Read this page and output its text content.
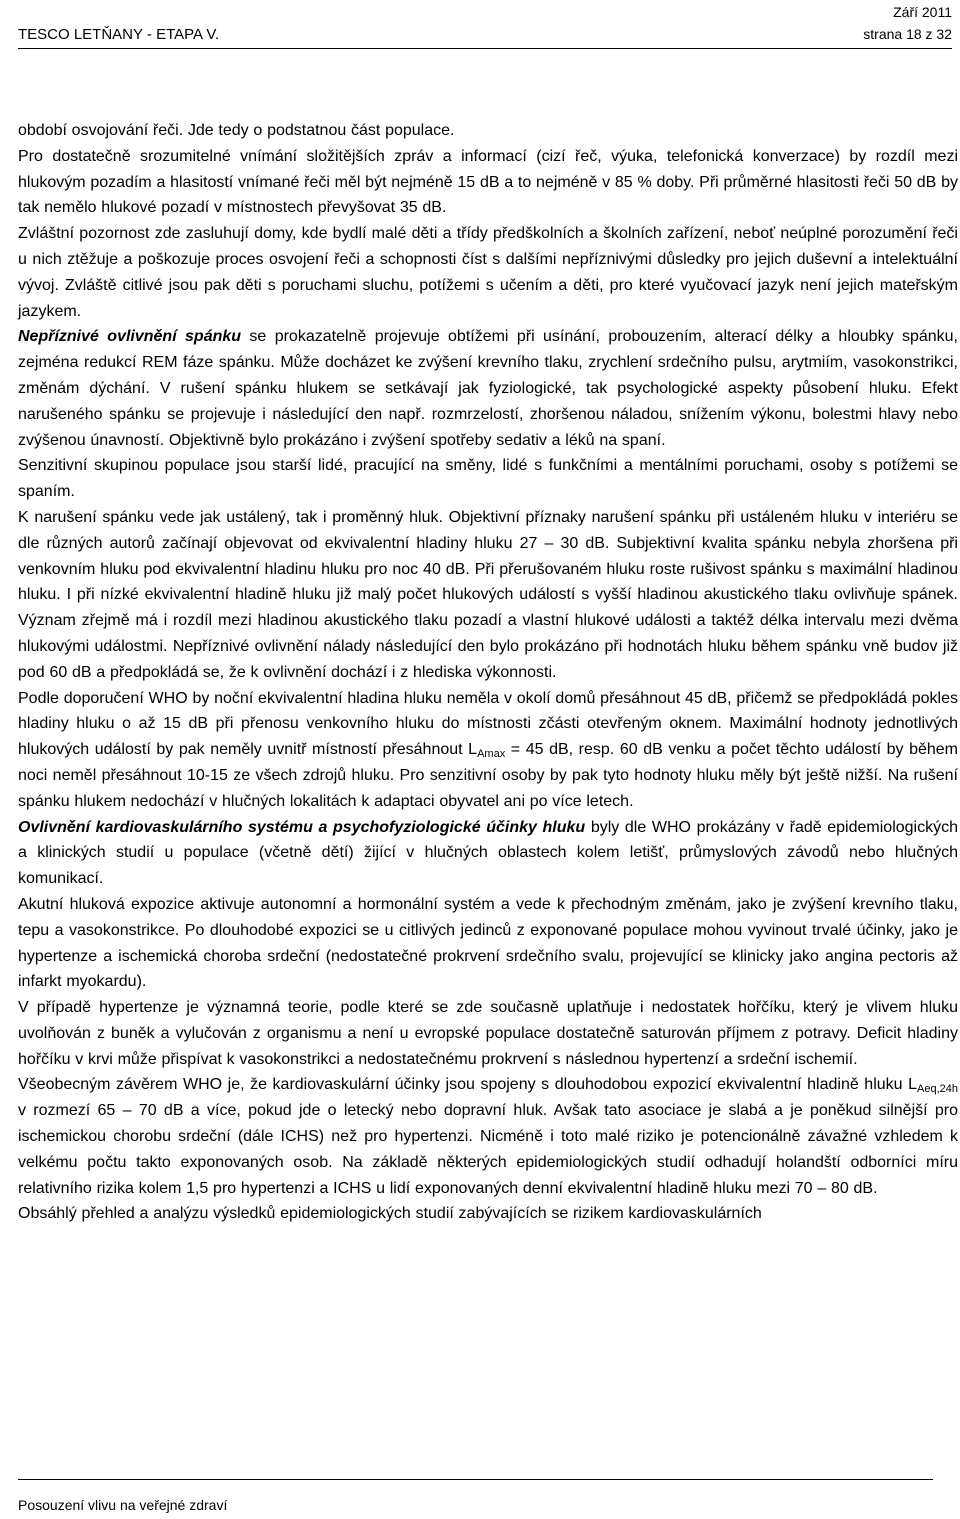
TESCO LETŇANY - ETAPA V.
Září 2011
strana 18 z 32

období osvojování řeči. Jde tedy o podstatnou část populace.

Pro dostatečně srozumitelné vnímání složitějších zpráv a informací (cizí řeč, výuka, telefonická konverzace) by rozdíl mezi hlukovým pozadím a hlasitostí vnímané řeči měl být nejméně 15 dB a to nejméně v 85 % doby. Při průměrné hlasitosti řeči 50 dB by tak nemělo hlukové pozadí v místnostech převyšovat 35 dB.

Zvláštní pozornost zde zasluhují domy, kde bydlí malé děti a třídy předškolních a školních zařízení, neboť neúplné porozumění řeči u nich ztěžuje a poškozuje proces osvojení řeči a schopnosti číst s dalšími nepříznivými důsledky pro jejich duševní a intelektuální vývoj. Zvláště citlivé jsou pak děti s poruchami sluchu, potížemi s učením a děti, pro které vyučovací jazyk není jejich mateřským jazykem.

Nepříznivé ovlivnění spánku se prokazatelně projevuje obtížemi při usínání, probouzením, alterací délky a hloubky spánku, zejména redukcí REM fáze spánku. Může docházet ke zvýšení krevního tlaku, zrychlení srdečního pulsu, arytmiím, vasokonstrikci, změnám dýchání. V rušení spánku hlukem se setkávají jak fyziologické, tak psychologické aspekty působení hluku. Efekt narušeného spánku se projevuje i následující den např. rozmrzelostí, zhoršenou náladou, snížením výkonu, bolestmi hlavy nebo zvýšenou únavností. Objektivně bylo prokázáno i zvýšení spotřeby sedativ a léků na spaní.

Senzitivní skupinou populace jsou starší lidé, pracující na směny, lidé s funkčními a mentálními poruchami, osoby s potížemi se spaním.

K narušení spánku vede jak ustálený, tak i proměnný hluk. Objektivní příznaky narušení spánku při ustáleném hluku v interiéru se dle různých autorů začínají objevovat od ekvivalentní hladiny hluku 27 – 30 dB. Subjektivní kvalita spánku nebyla zhoršena při venkovním hluku pod ekvivalentní hladinu hluku pro noc 40 dB. Při přerušovaném hluku roste rušivost spánku s maximální hladinou hluku. I při nízké ekvivalentní hladině hluku již malý počet hlukových událostí s vyšší hladinou akustického tlaku ovlivňuje spánek. Význam zřejmě má i rozdíl mezi hladinou akustického tlaku pozadí a vlastní hlukové události a taktéž délka intervalu mezi dvěma hlukovými událostmi. Nepříznivé ovlivnění nálady následující den bylo prokázáno při hodnotách hluku během spánku vně budov již pod 60 dB a předpokládá se, že k ovlivnění dochází i z hlediska výkonnosti.

Podle doporučení WHO by noční ekvivalentní hladina hluku neměla v okolí domů přesáhnout 45 dB, přičemž se předpokládá pokles hladiny hluku o až 15 dB při přenosu venkovního hluku do místnosti zčásti otevřeným oknem. Maximální hodnoty jednotlivých hlukových událostí by pak neměly uvnitř místností přesáhnout $L_{Amax} = 45$ dB, resp. 60 dB venku a počet těchto událostí by během noci neměl přesáhnout 10-15 ze všech zdrojů hluku. Pro senzitivní osoby by pak tyto hodnoty hluku měly být ještě nižší. Na rušení spánku hlukem nedochází v hlučných lokalitách k adaptaci obyvatel ani po více letech.

Ovlivnění kardiovaskulárního systému a psychofyziologické účinky hluku byly dle WHO prokázány v řadě epidemiologických a klinických studií u populace (včetně dětí) žijící v hlučných oblastech kolem letišť, průmyslových závodů nebo hlučných komunikací.

Akutní hluková expozice aktivuje autonomní a hormonální systém a vede k přechodným změnám, jako je zvýšení krevního tlaku, tepu a vasokonstrikce. Po dlouhodobé expozici se u citlivých jedinců z exponované populace mohou vyvinout trvalé účinky, jako je hypertenze a ischemická choroba srdeční (nedostatečné prokrvení srdečního svalu, projevující se klinicky jako angina pectoris až infarkt myokardu).

V případě hypertenze je významná teorie, podle které se zde současně uplatňuje i nedostatek hořčíku, který je vlivem hluku uvolňován z buněk a vylučován z organismu a není u evropské populace dostatečně saturován příjmem z potravy. Deficit hladiny hořčíku v krvi může přispívat k vasokonstrikci a nedostatečnému prokrvení s následnou hypertenzí a srdeční ischemií.

Všeobecným závěrem WHO je, že kardiovaskulární účinky jsou spojeny s dlouhodobou expozicí ekvivalentní hladině hluku $L_{Aeq,24h}$ v rozmezí 65 – 70 dB a více, pokud jde o letecký nebo dopravní hluk. Avšak tato asociace je slabá a je poněkud silnější pro ischemickou chorobu srdeční (dále ICHS) než pro hypertenzi. Nicméně i toto malé riziko je potencionálně závažné vzhledem k velkému počtu takto exponovaných osob. Na základě některých epidemiologických studií odhadují holandští odborníci míru relativního rizika kolem 1,5 pro hypertenzi a ICHS u lidí exponovaných denní ekvivalentní hladině hluku mezi 70 – 80 dB.

Obsáhlý přehled a analýzu výsledků epidemiologických studií zabývajících se rizikem kardiovaskulárních

Posouzení vlivu na veřejné zdraví
